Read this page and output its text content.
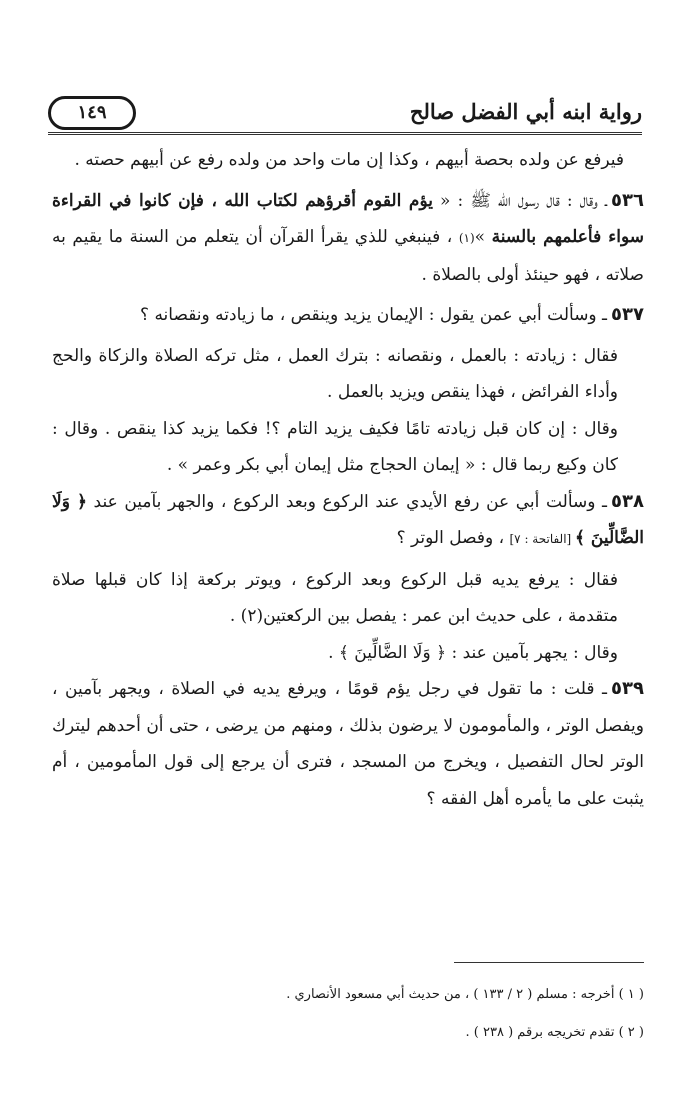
رواية ابنه أبي الفضل صالح
١٤٩

فيرفع عن ولده بحصة أبيهم ، وكذا إن مات واحد من ولده رفع عن أبيهم حصته .

٥٣٦ـ وقال : قال رسول الله ﷺ : « يؤم القوم أقرؤهم لكتاب الله ، فإن كانوا في القراءة سواء فأعلمهم بالسنة »(١) ، فينبغي للذي يقرأ القرآن أن يتعلم من السنة ما يقيم به صلاته ، فهو حينئذ أولى بالصلاة .

٥٣٧ـ وسألت أبي عمن يقول : الإيمان يزيد وينقص ، ما زيادته ونقصانه ؟

فقال : زيادته : بالعمل ، ونقصانه : بترك العمل ، مثل تركه الصلاة والزكاة والحج وأداء الفرائض ، فهذا ينقص ويزيد بالعمل .

وقال : إن كان قبل زيادته تامًا فكيف يزيد التام ؟! فكما يزيد كذا ينقص . وقال : كان وكيع ربما قال : « إيمان الحجاج مثل إيمان أبي بكر وعمر » .

٥٣٨ـ وسألت أبي عن رفع الأيدي عند الركوع وبعد الركوع ، والجهر بآمين عند ﴿ وَلَا الضَّالِّينَ ﴾ [الفاتحة : ٧] ، وفصل الوتر ؟

فقال : يرفع يديه قبل الركوع وبعد الركوع ، ويوتر بركعة إذا كان قبلها صلاة متقدمة ، على حديث ابن عمر : يفصل بين الركعتين(٢) .

وقال : يجهر بآمين عند : ﴿ وَلَا الضَّالِّينَ ﴾ .

٥٣٩ـ قلت : ما تقول في رجل يؤم قومًا ، ويرفع يديه في الصلاة ، ويجهر بآمين ، ويفصل الوتر ، والمأمومون لا يرضون بذلك ، ومنهم من يرضى ، حتى أن أحدهم ليترك الوتر لحال التفصيل ، ويخرج من المسجد ، فترى أن يرجع إلى قول المأمومين ، أم يثبت على ما يأمره أهل الفقه ؟

( ١ ) أخرجه : مسلم ( ٢ / ١٣٣ ) ، من حديث أبي مسعود الأنصاري .

( ٢ ) تقدم تخريجه برقم ( ٢٣٨ ) .
